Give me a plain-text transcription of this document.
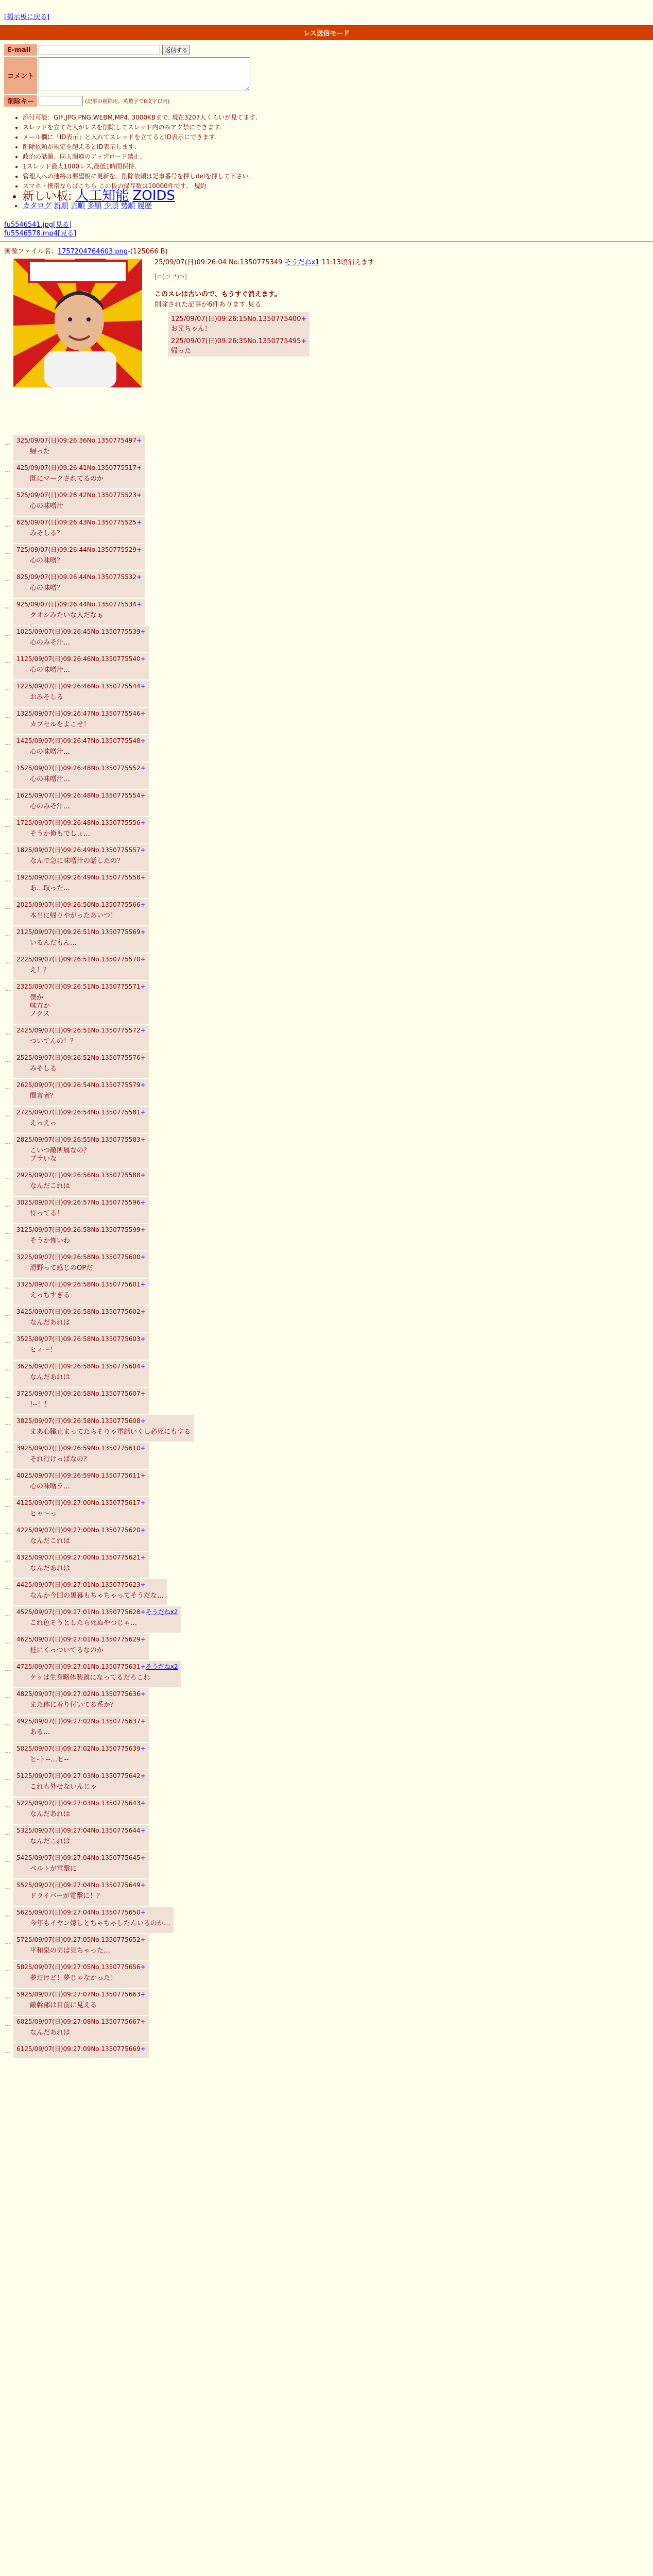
[掲示板に戻る]
レス送信モード
E-mail	返信する
コメント	
削除キー	(記事の削除用。英数字で8文字以内)
• 添付可能：GIF,JPG,PNG,WEBM,MP4. 3000KBまで. 現在3207人くらいが見てます.
• スレッドを立てた人がレスを削除してスレッド内のみアク禁にできます.
• メール欄に「ID表示」と入れてスレッドを立てるとID表示にできます.
• 削除依頼が規定を超えるとID表示します.
• 政治の話題、同人関連のアップロード禁止。
• 1スレッド最大1000レス,最低1時間保持.
• 管理人への連絡は要望板に更新を。削除依頼は記事番号を押しdelを押して下さい。
• スマホ・携帯ならばこちら この板の保存数は10000件です。 規約
• 新しい板: 人工知能 ZOIDS
• カタログ 新順 古順 多順 少順 勢順 履歴
fu5546541.jpg[見る]
fu5546578.mp4[見る]
画像ファイル名：1757204764603.png-(125066 B)
25/09/07(日)09:26:04 No.1350775349 そうだねx1 11:13頃消えます
[⊂(つ_*)⊃]
このスレは古いので、もうすぐ消えます。
削除された記事が6件あります.見る
125/09/07(日)09:26:15No.1350775400+
お兄ちゃん！
225/09/07(日)09:26:35No.1350775495+
帰った
… 325/09/07(日)09:26:36No.1350775497+
帰った
… 425/09/07(日)09:26:41No.1350775517+
既にマークされてるのか
… 525/09/07(日)09:26:42No.1350775523+
心の味噌汁
… 625/09/07(日)09:26:43No.1350775525+
みそしる？
… 725/09/07(日)09:26:44No.1350775529+
心の味噌？
… 825/09/07(日)09:26:44No.1350775532+
心の味噌？
… 925/09/07(日)09:26:44No.1350775534+
クオシみたいな人だなぁ
… 1025/09/07(日)09:26:45No.1350775539+
心のみそ汁…
… 1125/09/07(日)09:26:46No.1350775540+
心の味噌汁…
… 1225/09/07(日)09:26:46No.1350775544+
おみそしる
… 1325/09/07(日)09:26:47No.1350775546+
カブセルをよこせ！
… 1425/09/07(日)09:26:47No.1350775548+
心の味噌汁…
… 1525/09/07(日)09:26:48No.1350775552+
心の味噌汁…
… 1625/09/07(日)09:26:48No.1350775554+
心のみそ汁…
… 1725/09/07(日)09:26:48No.1350775556+
そうか俺もでしょ…
… 1825/09/07(日)09:26:49No.1350775557+
なんで急に味噌汁の話したの？
… 1925/09/07(日)09:26:49No.1350775558+
あ…取った…
… 2025/09/07(日)09:26:50No.1350775566+
本当に帰りやがったあいつ！
… 2125/09/07(日)09:26:51No.1350775569+
いるんだもん…
… 2225/09/07(日)09:26:51No.1350775570+
え！？
… 2325/09/07(日)09:26:51No.1350775571+
僕か
味方か
ノクス
… 2425/09/07(日)09:26:51No.1350775572+
ついてんの！？
… 2525/09/07(日)09:26:52No.1350775576+
みそしる
… 2625/09/07(日)09:26:54No.1350775579+
間言者？
… 2725/09/07(日)09:26:54No.1350775581+
えっえっ
… 2825/09/07(日)09:26:55No.1350775583+
こいつ敵所属なの？
ブサいな
… 2925/09/07(日)09:26:56No.1350775588+
なんだこれは
… 3025/09/07(日)09:26:57No.1350775596+
待ってる！
… 3125/09/07(日)09:26:58No.1350775599+
そうか怖いわ
… 3225/09/07(日)09:26:58No.1350775600+
滑野って感じのOPだ
… 3325/09/07(日)09:26:58No.1350775601+
えっちすぎる
… 3425/09/07(日)09:26:58No.1350775602+
なんだあれは
… 3525/09/07(日)09:26:58No.1350775603+
ヒィ～！
… 3625/09/07(日)09:26:58No.1350775604+
なんだあれは
… 3725/09/07(日)09:26:58No.1350775607+
!--！！
… 3825/09/07(日)09:26:58No.1350775608+
まあ心臓止まってたらそりゃ電話いくし必死にもする
… 3925/09/07(日)09:26:59No.1350775610+
それ行けっぱなの？
… 4025/09/07(日)09:26:59No.1350775611+
心の味噌ラ…
… 4125/09/07(日)09:27:00No.1350775617+
ヒャ～っ
… 4225/09/07(日)09:27:00No.1350775620+
なんだこれは
… 4325/09/07(日)09:27:00No.1350775621+
なんだあれは
… 4425/09/07(日)09:27:01No.1350775623+
なんか今回の黒幕もちゃちゃってそうだな…
… 4525/09/07(日)09:27:01No.1350775628+そうだねx2
これ色そうとしたら死ぬやつじゃ…
… 4625/09/07(日)09:27:01No.1350775629+
桂にくっついてるなのか
… 4725/09/07(日)09:27:01No.1350775631+そうだねx2
ケッは生身略体装置になってるだろこれ
… 4825/09/07(日)09:27:02No.1350775636+
また体に着り付いてる系か？
… 4925/09/07(日)09:27:02No.1350775637+
ある…
… 5025/09/07(日)09:27:02No.1350775639+
ヒ-ト--…ヒ--
… 5125/09/07(日)09:27:03No.1350775642+
これも外せないんじゃ
… 5225/09/07(日)09:27:03No.1350775643+
なんだあれは
… 5325/09/07(日)09:27:04No.1350775644+
なんだこれは
… 5425/09/07(日)09:27:04No.1350775645+
ベルトが電撃に
… 5525/09/07(日)09:27:04No.1350775649+
ドライバーが電撃に！？
… 5625/09/07(日)09:27:04No.1350775650+
今年もイヤン嫁しとちゃちゃしたんいるのか…
… 5725/09/07(日)09:27:05No.1350775652+
平和泉の男は見ちゃった…
… 5825/09/07(日)09:27:05No.1350775656+
夢だけど！夢じゃなかった！
… 5925/09/07(日)09:27:07No.1350775663+
敵幹部は目前に見える
… 6025/09/07(日)09:27:08No.1350775667+
なんだあれは
… 6125/09/07(日)09:27:09No.1350775669+
